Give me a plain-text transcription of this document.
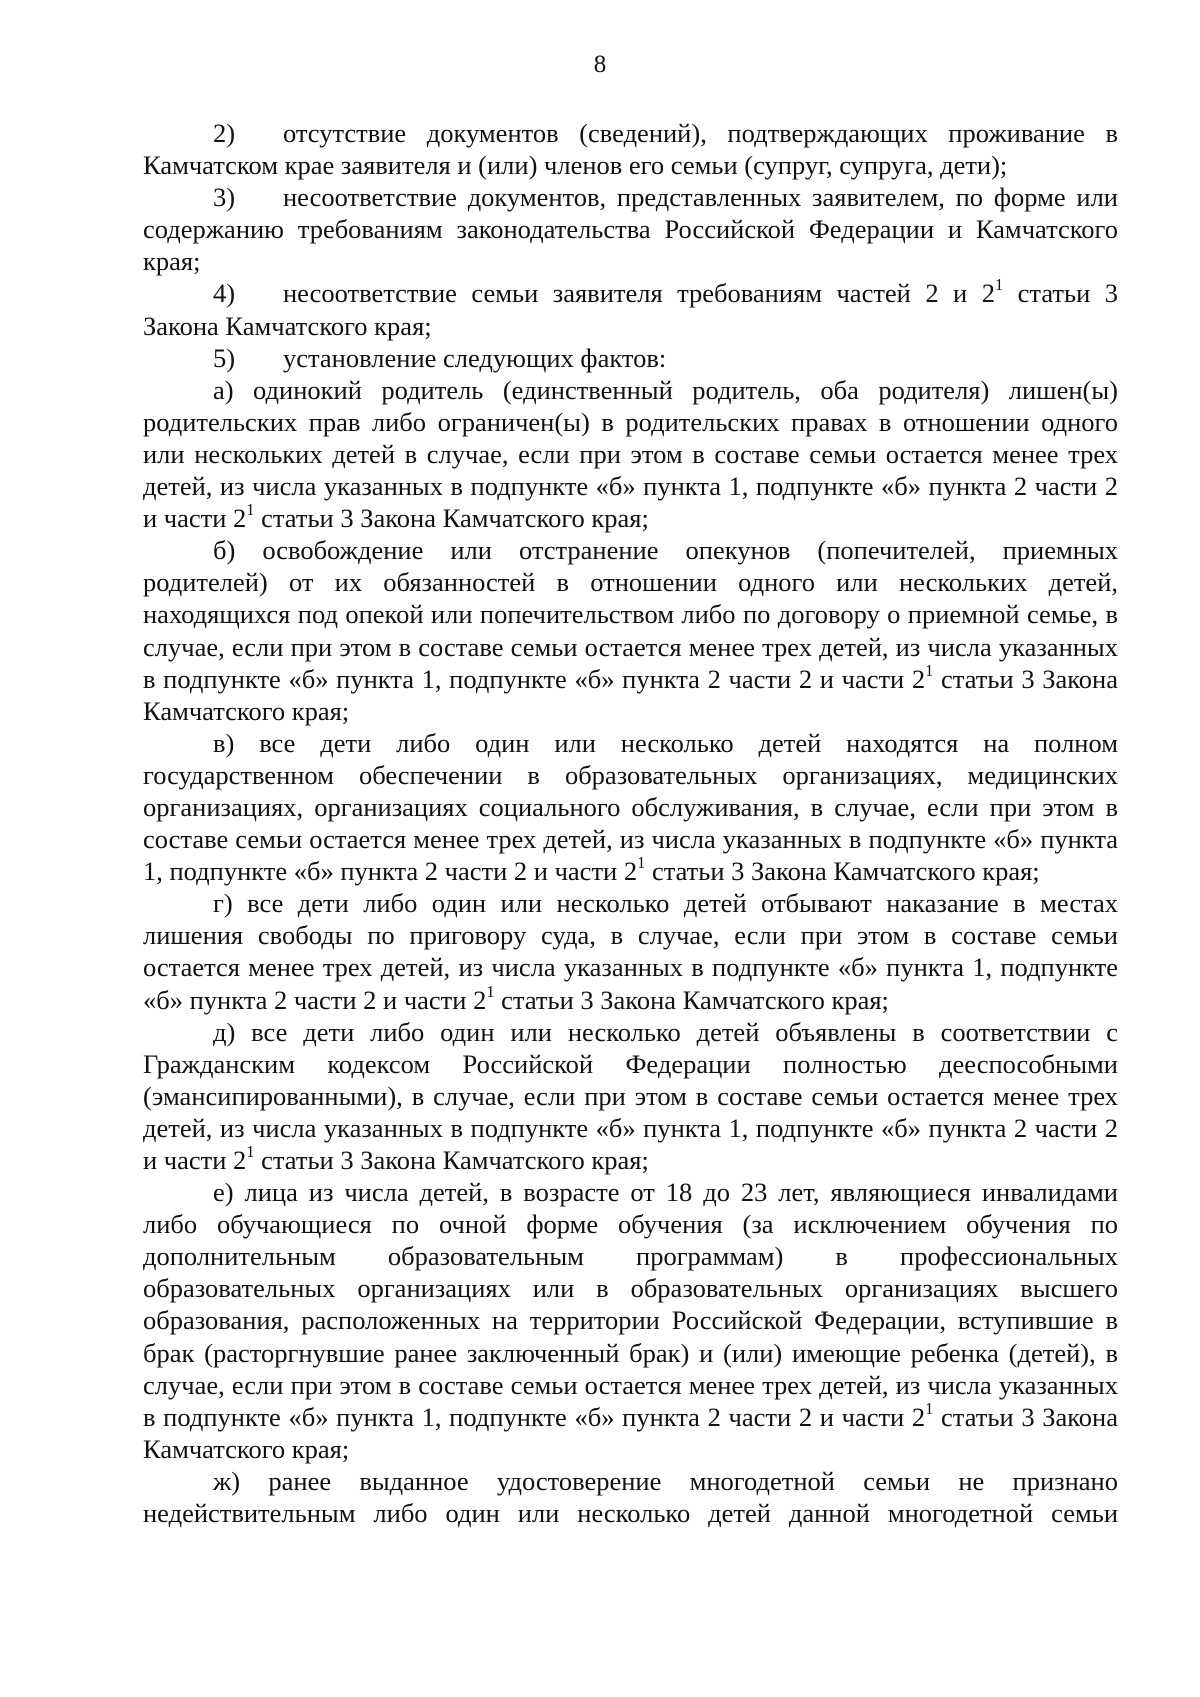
8

2) отсутствие документов (сведений), подтверждающих проживание в Камчатском крае заявителя и (или) членов его семьи (супруг, супруга, дети);

3) несоответствие документов, представленных заявителем, по форме или содержанию требованиям законодательства Российской Федерации и Камчатского края;

4) несоответствие семьи заявителя требованиям частей 2 и $2^1$ статьи 3 Закона Камчатского края;

5) установление следующих фактов:

а) одинокий родитель (единственный родитель, оба родителя) лишен(ы) родительских прав либо ограничен(ы) в родительских правах в отношении одного или нескольких детей в случае, если при этом в составе семьи остается менее трех детей, из числа указанных в подпункте «б» пункта 1, подпункте «б» пункта 2 части 2 и части $2^1$ статьи 3 Закона Камчатского края;

б) освобождение или отстранение опекунов (попечителей, приемных родителей) от их обязанностей в отношении одного или нескольких детей, находящихся под опекой или попечительством либо по договору о приемной семье, в случае, если при этом в составе семьи остается менее трех детей, из числа указанных в подпункте «б» пункта 1, подпункте «б» пункта 2 части 2 и части $2^1$ статьи 3 Закона Камчатского края;

в) все дети либо один или несколько детей находятся на полном государственном обеспечении в образовательных организациях, медицинских организациях, организациях социального обслуживания, в случае, если при этом в составе семьи остается менее трех детей, из числа указанных в подпункте «б» пункта 1, подпункте «б» пункта 2 части 2 и части $2^1$ статьи 3 Закона Камчатского края;

г) все дети либо один или несколько детей отбывают наказание в местах лишения свободы по приговору суда, в случае, если при этом в составе семьи остается менее трех детей, из числа указанных в подпункте «б» пункта 1, подпункте «б» пункта 2 части 2 и части $2^1$ статьи 3 Закона Камчатского края;

д) все дети либо один или несколько детей объявлены в соответствии с Гражданским кодексом Российской Федерации полностью дееспособными (эмансипированными), в случае, если при этом в составе семьи остается менее трех детей, из числа указанных в подпункте «б» пункта 1, подпункте «б» пункта 2 части 2 и части $2^1$ статьи 3 Закона Камчатского края;

е) лица из числа детей, в возрасте от 18 до 23 лет, являющиеся инвалидами либо обучающиеся по очной форме обучения (за исключением обучения по дополнительным образовательным программам) в профессиональных образовательных организациях или в образовательных организациях высшего образования, расположенных на территории Российской Федерации, вступившие в брак (расторгнувшие ранее заключенный брак) и (или) имеющие ребенка (детей), в случае, если при этом в составе семьи остается менее трех детей, из числа указанных в подпункте «б» пункта 1, подпункте «б» пункта 2 части 2 и части $2^1$ статьи 3 Закона Камчатского края;

ж) ранее выданное удостоверение многодетной семьи не признано недействительным либо один или несколько детей данной многодетной семьи
